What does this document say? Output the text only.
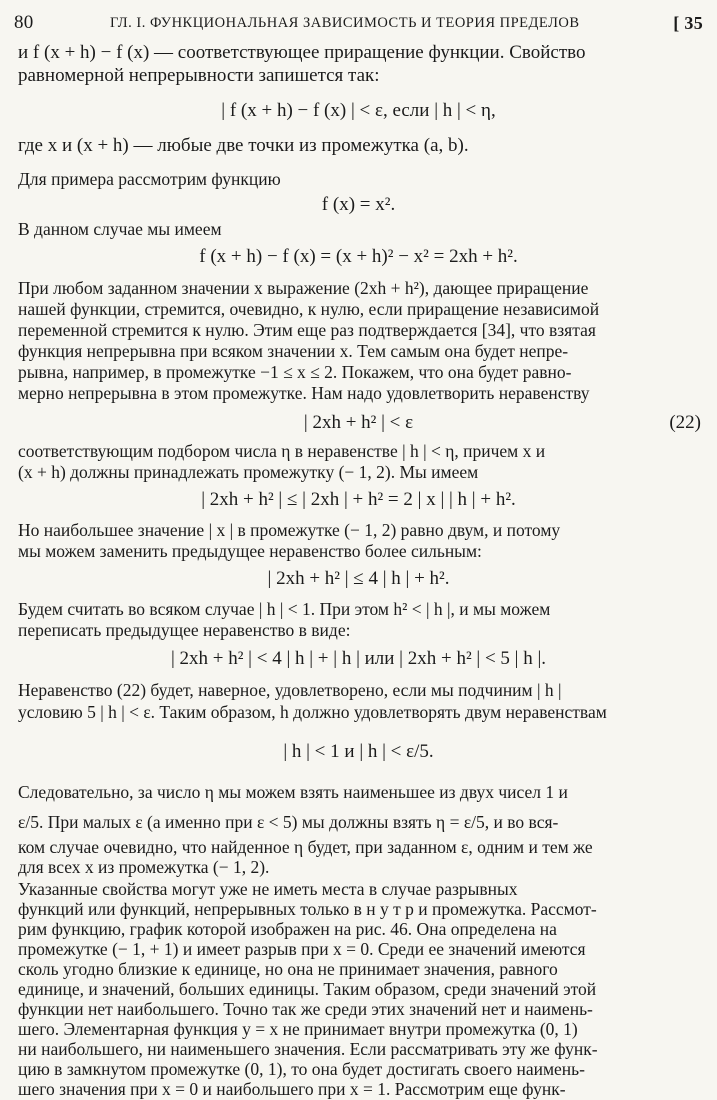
80	ГЛ. I. ФУНКЦИОНАЛЬНАЯ ЗАВИСИМОСТЬ И ТЕОРИЯ ПРЕДЕЛОВ	[ 35
и f (x + h) − f (x) — соответствующее приращение функции. Свойство
равномерной непрерывности запишется так:
| f (x + h) − f (x) | < ε, если | h | < η,
где x и (x + h) — любые две точки из промежутка (a, b).
Для примера рассмотрим функцию
f (x) = x².
В данном случае мы имеем
f (x + h) − f (x) = (x + h)² − x² = 2xh + h².
При любом заданном значении x выражение (2xh + h²), дающее приращение
нашей функции, стремится, очевидно, к нулю, если приращение независимой
переменной стремится к нулю. Этим еще раз подтверждается [34], что взятая
функция непрерывна при всяком значении x. Тем самым она будет непре-
рывна, например, в промежутке −1 ≤ x ≤ 2. Покажем, что она будет равно-
мерно непрерывна в этом промежутке. Нам надо удовлетворить неравенству
| 2xh + h² | < ε
соответствующим подбором числа η в неравенстве | h | < η, причем x и
(x + h) должны принадлежать промежутку (− 1, 2). Мы имеем
| 2xh + h² | ≤ | 2xh | + h² = 2 | x | | h | + h².
Но наибольшее значение | x | в промежутке (− 1, 2) равно двум, и потому
мы можем заменить предыдущее неравенство более сильным:
| 2xh + h² | ≤ 4 | h | + h².
Будем считать во всяком случае | h | < 1. При этом h² < | h |, и мы можем
переписать предыдущее неравенство в виде:
| 2xh + h² | < 4 | h | + | h | или | 2xh + h² | < 5 | h |.
Неравенство (22) будет, наверное, удовлетворено, если мы подчиним | h |
условию 5 | h | < ε. Таким образом, h должно удовлетворять двум неравенствам
| h | < 1 и | h | < ε/5.
Следовательно, за число η мы можем взять наименьшее из двух чисел 1 и
ε/5. При малых ε (а именно при ε < 5) мы должны взять η = ε/5, и во вся-
ком случае очевидно, что найденное η будет, при заданном ε, одним и тем же
для всех x из промежутка (− 1, 2).
Указанные свойства могут уже не иметь места в случае разрывных
функций или функций, непрерывных только в н у т р и промежутка. Рассмот-
рим функцию, график которой изображен на рис. 46. Она определена на
промежутке (− 1, + 1) и имеет разрыв при x = 0. Среди ее значений имеются
сколь угодно близкие к единице, но она не принимает значения, равного
единице, и значений, больших единицы. Таким образом, среди значений этой
функции нет наибольшего. Точно так же среди этих значений нет и наимень-
шего. Элементарная функция y = x не принимает внутри промежутка (0, 1)
ни наибольшего, ни наименьшего значения. Если рассматривать эту же функ-
цию в замкнутом промежутке (0, 1), то она будет достигать своего наимень-
шего значения при x = 0 и наибольшего при x = 1. Рассмотрим еще функ-
(22)
